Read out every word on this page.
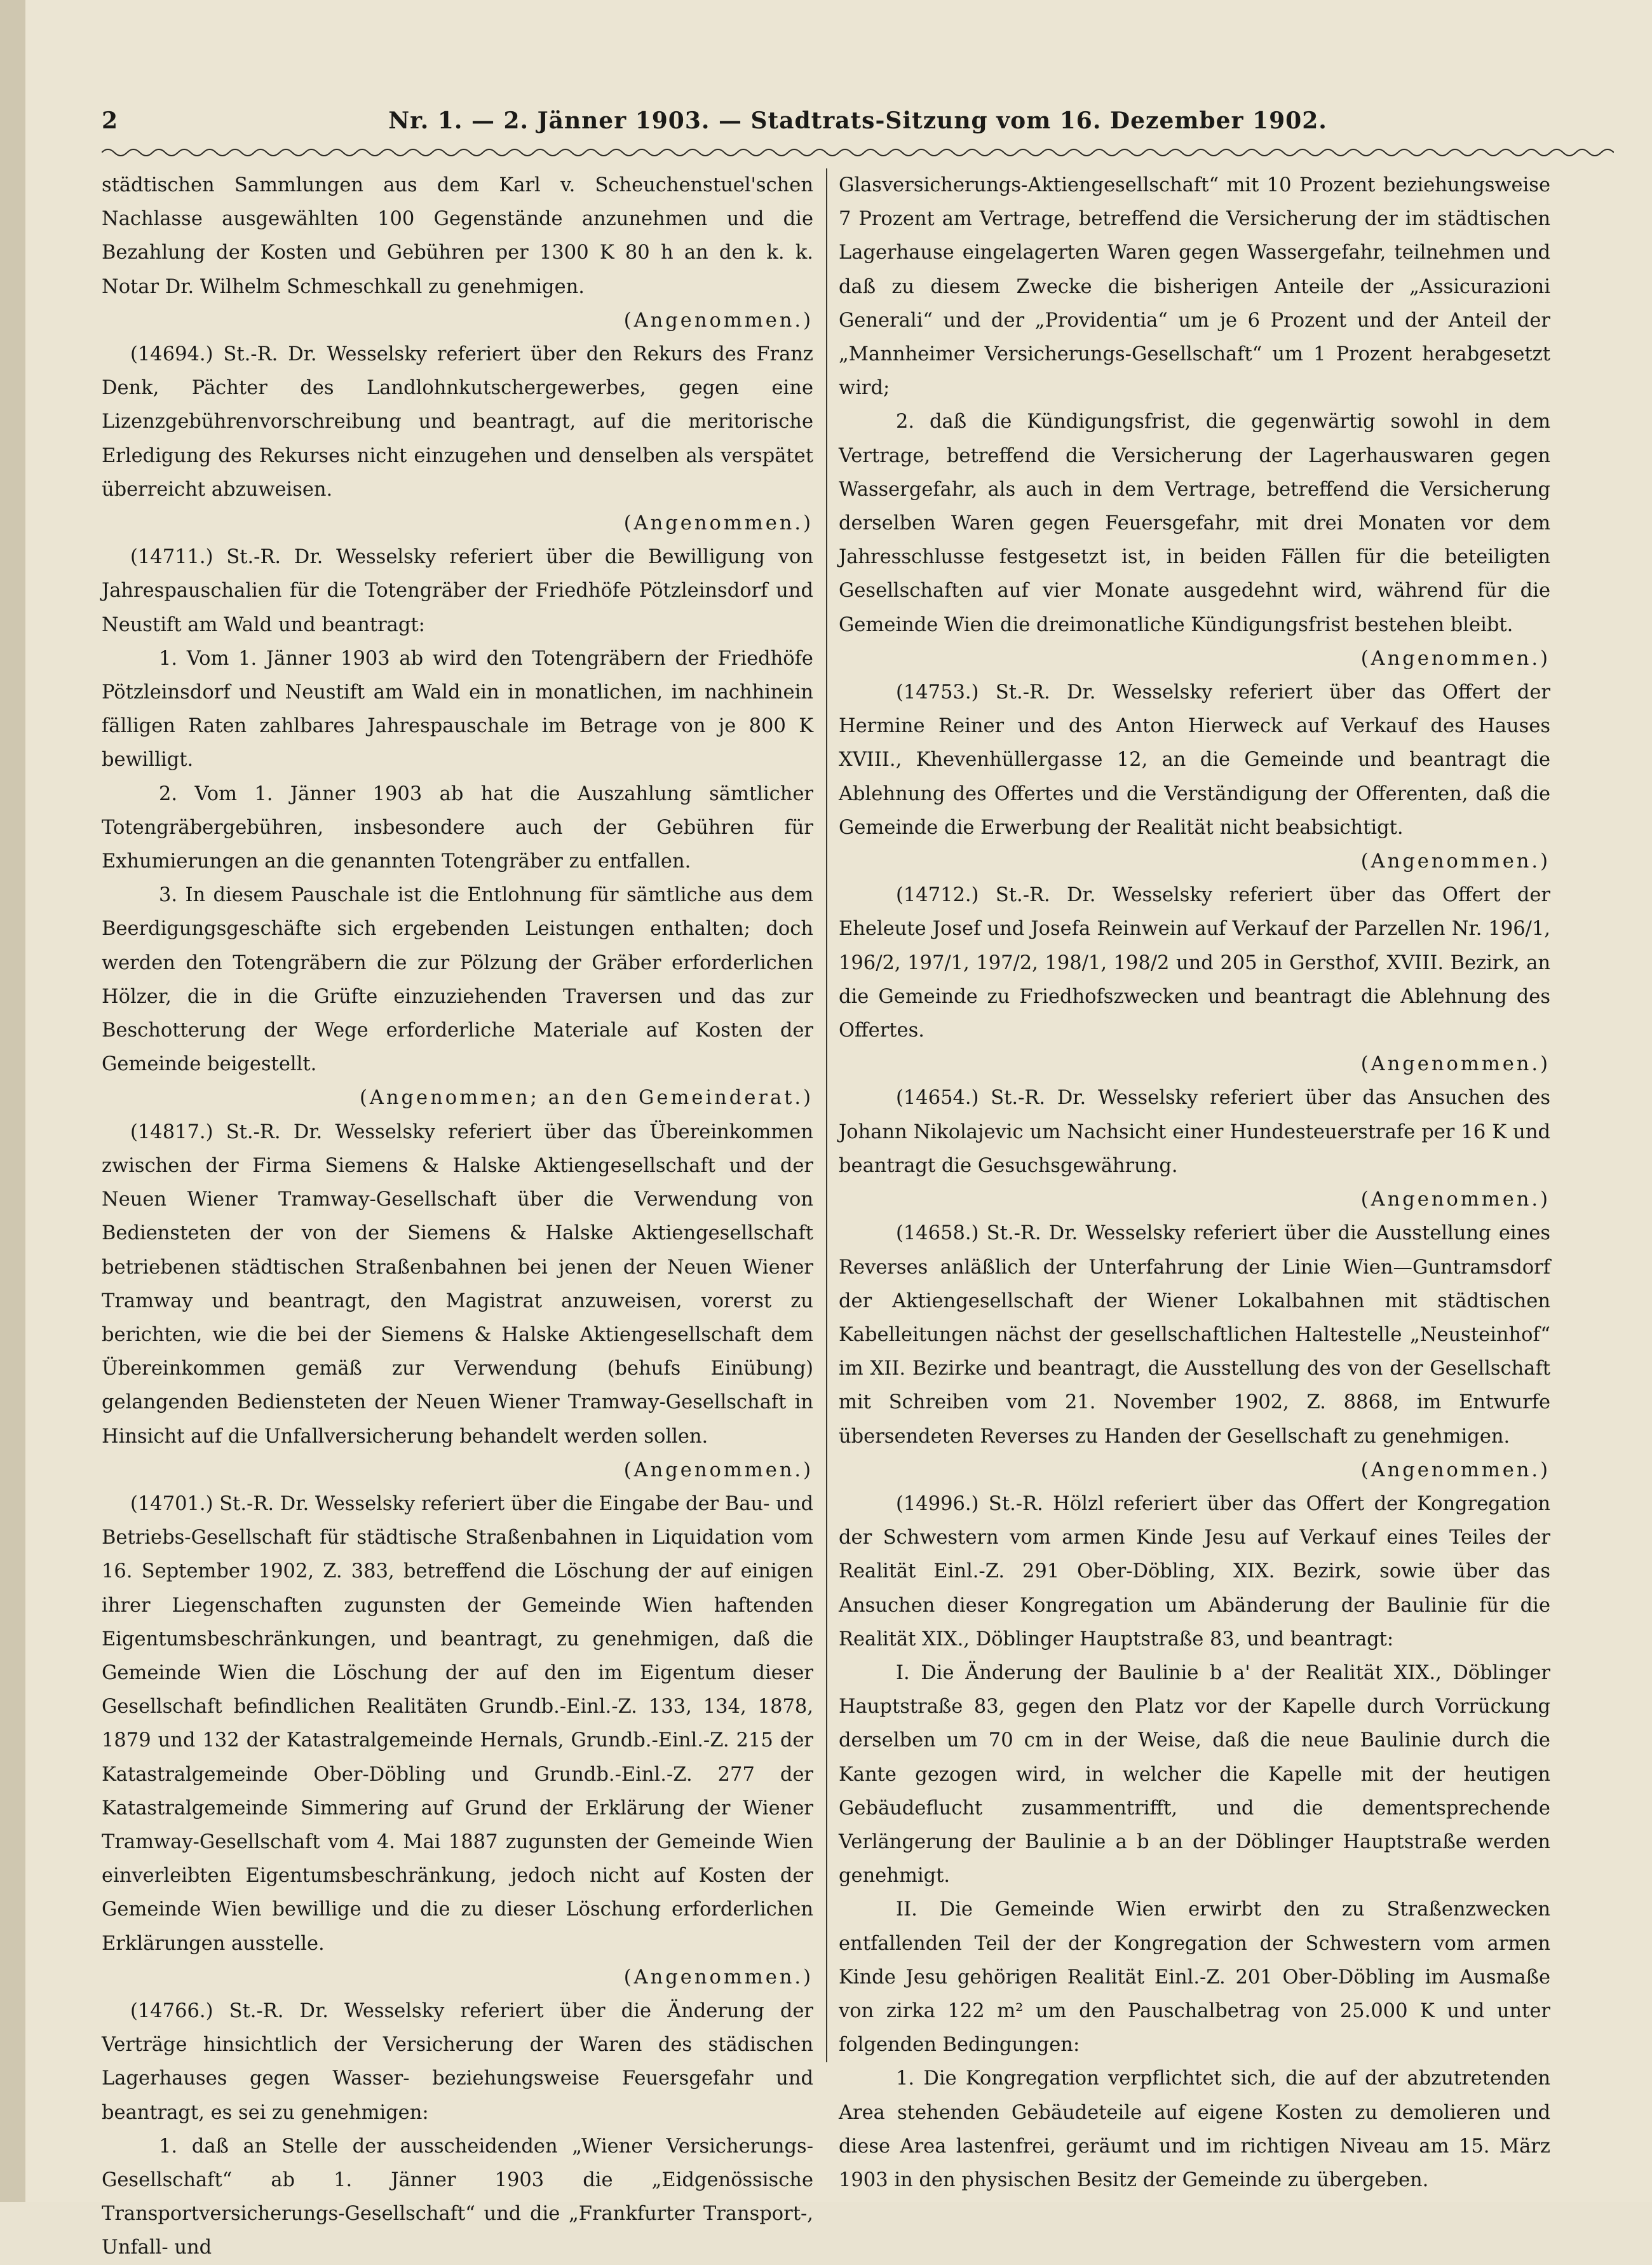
2	Nr. 1. — 2. Jänner 1903. — Stadtrats-Sitzung vom 16. Dezember 1902.

städtischen Sammlungen aus dem Karl v. Scheuchenstuel'schen Nachlasse ausgewählten 100 Gegenstände anzunehmen und die Bezahlung der Kosten und Gebühren per 1300 K 80 h an den k. k. Notar Dr. Wilhelm Schmeschkall zu genehmigen.

(Angenommen.)

(14694.) St.-R. Dr. Wesselsky referiert über den Rekurs des Franz Denk, Pächter des Landlohnkutschergewerbes, gegen eine Lizenzgebührenvorschreibung und beantragt, auf die meritorische Erledigung des Rekurses nicht einzugehen und denselben als verspätet überreicht abzuweisen.

(Angenommen.)

(14711.) St.-R. Dr. Wesselsky referiert über die Bewilligung von Jahrespauschalien für die Totengräber der Friedhöfe Pötzleinsdorf und Neustift am Wald und beantragt:

1. Vom 1. Jänner 1903 ab wird den Totengräbern der Friedhöfe Pötzleinsdorf und Neustift am Wald ein in monatlichen, im nachhinein fälligen Raten zahlbares Jahrespauschale im Betrage von je 800 K bewilligt.

2. Vom 1. Jänner 1903 ab hat die Auszahlung sämtlicher Totengräbergebühren, insbesondere auch der Gebühren für Exhumierungen an die genannten Totengräber zu entfallen.

3. In diesem Pauschale ist die Entlohnung für sämtliche aus dem Beerdigungsgeschäfte sich ergebenden Leistungen enthalten; doch werden den Totengräbern die zur Pölzung der Gräber erforderlichen Hölzer, die in die Grüfte einzuziehenden Traversen und das zur Beschotterung der Wege erforderliche Materiale auf Kosten der Gemeinde beigestellt.

(Angenommen; an den Gemeinderat.)

(14817.) St.-R. Dr. Wesselsky referiert über das Übereinkommen zwischen der Firma Siemens & Halske Aktiengesellschaft und der Neuen Wiener Tramway-Gesellschaft über die Verwendung von Bediensteten der von der Siemens & Halske Aktiengesellschaft betriebenen städtischen Straßenbahnen bei jenen der Neuen Wiener Tramway und beantragt, den Magistrat anzuweisen, vorerst zu berichten, wie die bei der Siemens & Halske Aktiengesellschaft dem Übereinkommen gemäß zur Verwendung (behufs Einübung) gelangenden Bediensteten der Neuen Wiener Tramway-Gesellschaft in Hinsicht auf die Unfallversicherung behandelt werden sollen.

(Angenommen.)

(14701.) St.-R. Dr. Wesselsky referiert über die Eingabe der Bau- und Betriebs-Gesellschaft für städtische Straßenbahnen in Liquidation vom 16. September 1902, Z. 383, betreffend die Löschung der auf einigen ihrer Liegenschaften zugunsten der Gemeinde Wien haftenden Eigentumsbeschränkungen, und beantragt, zu genehmigen, daß die Gemeinde Wien die Löschung der auf den im Eigentum dieser Gesellschaft befindlichen Realitäten Grundb.-Einl.-Z. 133, 134, 1878, 1879 und 132 der Katastralgemeinde Hernals, Grundb.-Einl.-Z. 215 der Katastralgemeinde Ober-Döbling und Grundb.-Einl.-Z. 277 der Katastralgemeinde Simmering auf Grund der Erklärung der Wiener Tramway-Gesellschaft vom 4. Mai 1887 zugunsten der Gemeinde Wien einverleibten Eigentumsbeschränkung, jedoch nicht auf Kosten der Gemeinde Wien bewillige und die zu dieser Löschung erforderlichen Erklärungen ausstelle.

(Angenommen.)

(14766.) St.-R. Dr. Wesselsky referiert über die Änderung der Verträge hinsichtlich der Versicherung der Waren des städischen Lagerhauses gegen Wasser- beziehungsweise Feuersgefahr und beantragt, es sei zu genehmigen:

1. daß an Stelle der ausscheidenden „Wiener Versicherungs-Gesellschaft“ ab 1. Jänner 1903 die „Eidgenössische Transportversicherungs-Gesellschaft“ und die „Frankfurter Transport-, Unfall- und

Glasversicherungs-Aktiengesellschaft“ mit 10 Prozent beziehungsweise 7 Prozent am Vertrage, betreffend die Versicherung der im städtischen Lagerhause eingelagerten Waren gegen Wassergefahr, teilnehmen und daß zu diesem Zwecke die bisherigen Anteile der „Assicurazioni Generali“ und der „Providentia“ um je 6 Prozent und der Anteil der „Mannheimer Versicherungs-Gesellschaft“ um 1 Prozent herabgesetzt wird;

2. daß die Kündigungsfrist, die gegenwärtig sowohl in dem Vertrage, betreffend die Versicherung der Lagerhauswaren gegen Wassergefahr, als auch in dem Vertrage, betreffend die Versicherung derselben Waren gegen Feuersgefahr, mit drei Monaten vor dem Jahresschlusse festgesetzt ist, in beiden Fällen für die beteiligten Gesellschaften auf vier Monate ausgedehnt wird, während für die Gemeinde Wien die dreimonatliche Kündigungsfrist bestehen bleibt.

(Angenommen.)

(14753.) St.-R. Dr. Wesselsky referiert über das Offert der Hermine Reiner und des Anton Hierweck auf Verkauf des Hauses XVIII., Khevenhüllergasse 12, an die Gemeinde und beantragt die Ablehnung des Offertes und die Verständigung der Offerenten, daß die Gemeinde die Erwerbung der Realität nicht beabsichtigt.

(Angenommen.)

(14712.) St.-R. Dr. Wesselsky referiert über das Offert der Eheleute Josef und Josefa Reinwein auf Verkauf der Parzellen Nr. 196/1, 196/2, 197/1, 197/2, 198/1, 198/2 und 205 in Gersthof, XVIII. Bezirk, an die Gemeinde zu Friedhofszwecken und beantragt die Ablehnung des Offertes.

(Angenommen.)

(14654.) St.-R. Dr. Wesselsky referiert über das Ansuchen des Johann Nikolajevic um Nachsicht einer Hundesteuerstrafe per 16 K und beantragt die Gesuchsgewährung.

(Angenommen.)

(14658.) St.-R. Dr. Wesselsky referiert über die Ausstellung eines Reverses anläßlich der Unterfahrung der Linie Wien—Guntramsdorf der Aktiengesellschaft der Wiener Lokalbahnen mit städtischen Kabelleitungen nächst der gesellschaftlichen Haltestelle „Neusteinhof“ im XII. Bezirke und beantragt, die Ausstellung des von der Gesellschaft mit Schreiben vom 21. November 1902, Z. 8868, im Entwurfe übersendeten Reverses zu Handen der Gesellschaft zu genehmigen.

(Angenommen.)

(14996.) St.-R. Hölzl referiert über das Offert der Kongregation der Schwestern vom armen Kinde Jesu auf Verkauf eines Teiles der Realität Einl.-Z. 291 Ober-Döbling, XIX. Bezirk, sowie über das Ansuchen dieser Kongregation um Abänderung der Baulinie für die Realität XIX., Döblinger Hauptstraße 83, und beantragt:

I. Die Änderung der Baulinie b a' der Realität XIX., Döblinger Hauptstraße 83, gegen den Platz vor der Kapelle durch Vorrückung derselben um 70 cm in der Weise, daß die neue Baulinie durch die Kante gezogen wird, in welcher die Kapelle mit der heutigen Gebäudeflucht zusammentrifft, und die dementsprechende Verlängerung der Baulinie a b an der Döblinger Hauptstraße werden genehmigt.

II. Die Gemeinde Wien erwirbt den zu Straßenzwecken entfallenden Teil der der Kongregation der Schwestern vom armen Kinde Jesu gehörigen Realität Einl.-Z. 201 Ober-Döbling im Ausmaße von zirka 122 m² um den Pauschalbetrag von 25.000 K und unter folgenden Bedingungen:

1. Die Kongregation verpflichtet sich, die auf der abzutretenden Area stehenden Gebäudeteile auf eigene Kosten zu demolieren und diese Area lastenfrei, geräumt und im richtigen Niveau am 15. März 1903 in den physischen Besitz der Gemeinde zu übergeben.
